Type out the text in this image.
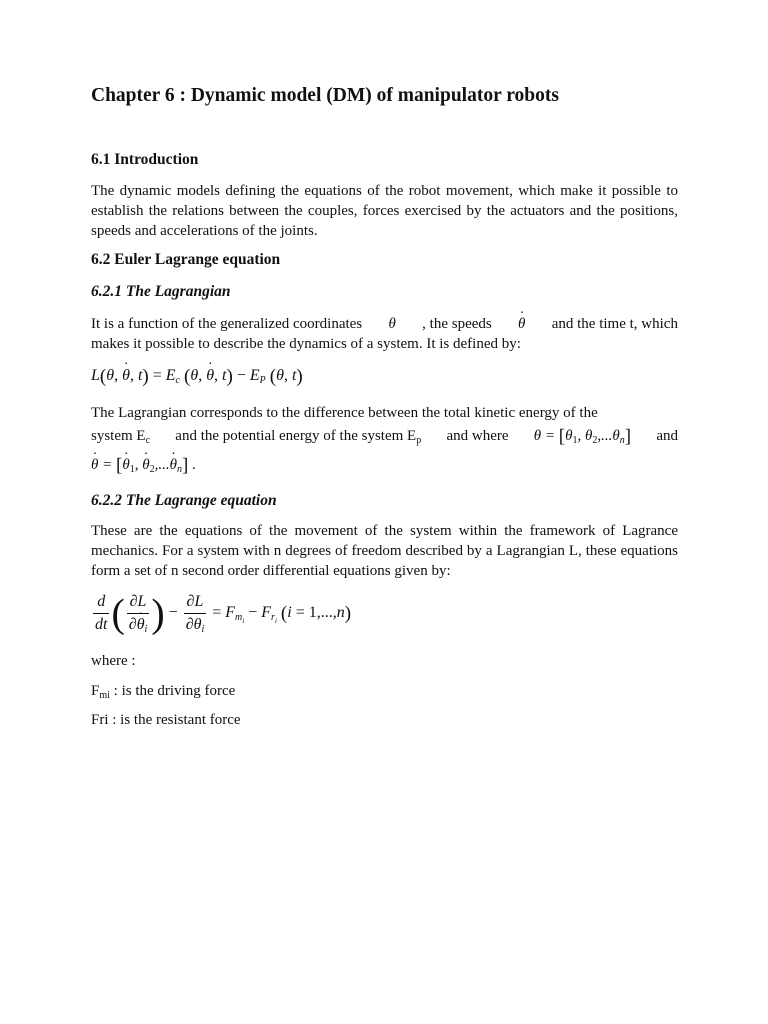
Chapter 6 : Dynamic model (DM) of manipulator robots
6.1 Introduction
The dynamic models defining the equations of the robot movement, which make it possible to establish the relations between the couples, forces exercised by the actuators and the positions, speeds and accelerations of the joints.
6.2 Euler Lagrange equation
6.2.1 The Lagrangian
It is a function of the generalized coordinates θ , the speeds θ · and the time t, which
makes it possible to describe the dynamics of a system. It is defined by:
L(θ, θ ·, $t) = E_c$ (θ, θ ·, $t) - E_P$ (θ, t)
The Lagrangian corresponds to the difference between the total kinetic energy of the
system $E_c$ and the potential energy of the system $E_p$ and where $\theta = [\theta_1$, $\theta_2,...\theta_n$] and
θ · = [$\theta \cdot_1$, $\theta \cdot_2,...\theta \cdot_n$] .
6.2.2 The Lagrange equation
These are the equations of the movement of the system within the framework of Lagrance mechanics. For a system with n degrees of freedom described by a Lagrangian L, these equations form a set of n second order differential equations given by:
$\frac{d}{dt}$ ( $\frac{\partial L}{\partial\theta \cdot_i}$ ) − $\frac{\partial L}{\partial\theta_i} = F_{m_i} - F_{r_i}$ (i = 1,...,n)
where :
$F_{mi}$ : is the driving force
Fri : is the resistant force
